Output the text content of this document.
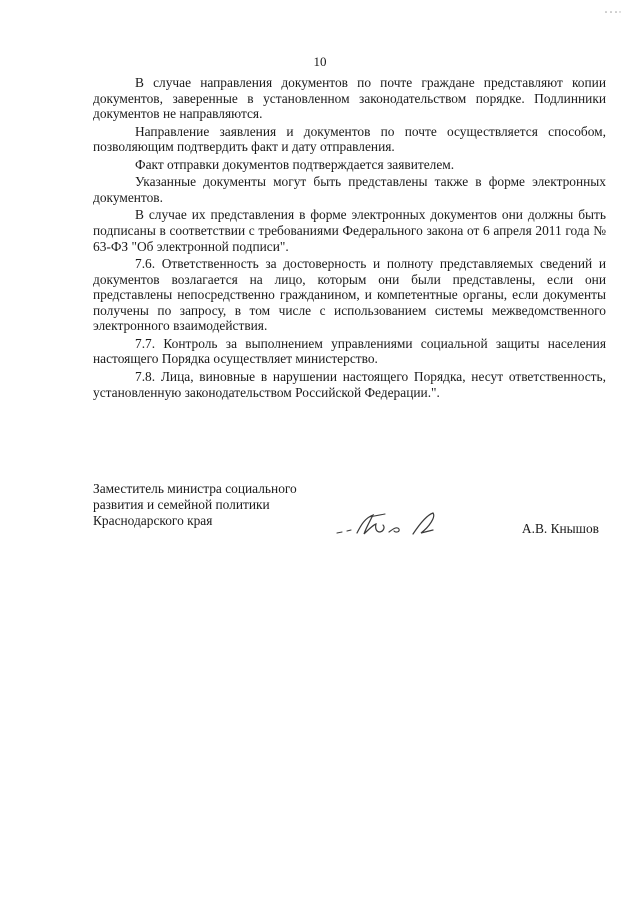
10

В случае направления документов по почте граждане представляют копии документов, заверенные в установленном законодательством порядке. Подлинники документов не направляются.

Направление заявления и документов по почте осуществляется способом, позволяющим подтвердить факт и дату отправления.

Факт отправки документов подтверждается заявителем.

Указанные документы могут быть представлены также в форме электронных документов.

В случае их представления в форме электронных документов они должны быть подписаны в соответствии с требованиями Федерального закона от 6 апреля 2011 года № 63-ФЗ "Об электронной подписи".

7.6. Ответственность за достоверность и полноту представляемых сведений и документов возлагается на лицо, которым они были представлены, если они представлены непосредственно гражданином, и компетентные органы, если документы получены по запросу, в том числе с использованием системы межведомственного электронного взаимодействия.

7.7. Контроль за выполнением управлениями социальной защиты населения настоящего Порядка осуществляет министерство.

7.8. Лица, виновные в нарушении настоящего Порядка, несут ответственность, установленную законодательством Российской Федерации.".

Заместитель министра социального
развития и семейной политики
Краснодарского края
А.В. Кнышов
